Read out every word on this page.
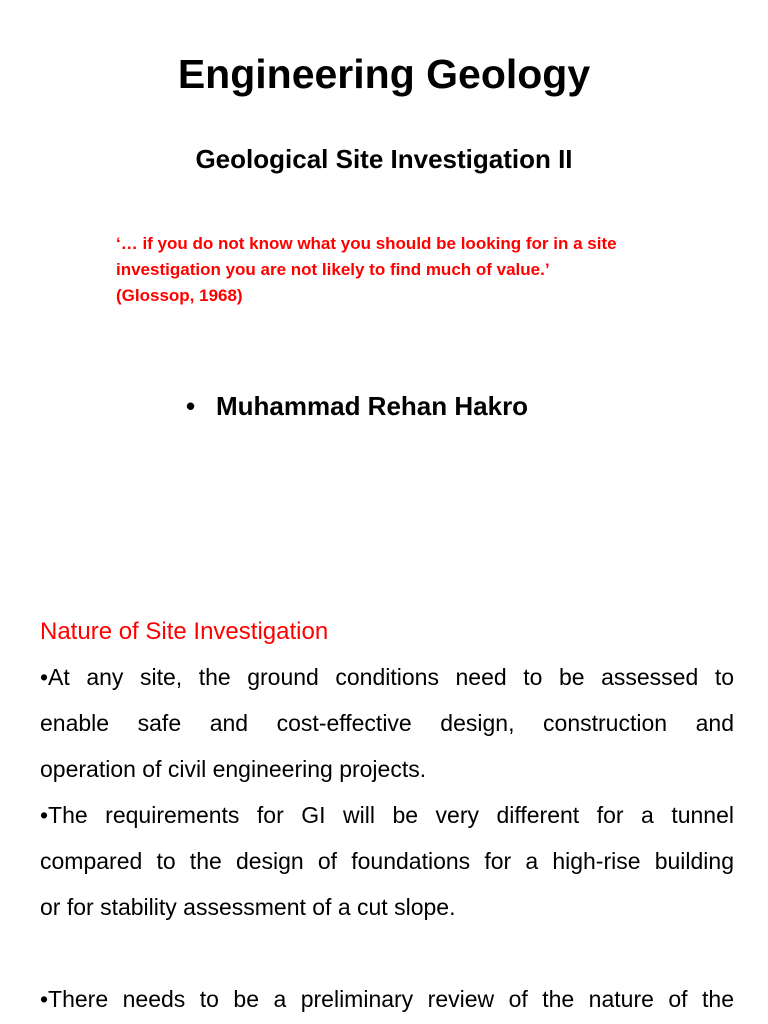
Engineering Geology
Geological Site Investigation II
‘… if you do not know what you should be looking for in a site
investigation you are not likely to find much of value.’
(Glossop, 1968)
• Muhammad Rehan Hakro
Nature of Site Investigation
•At any site, the ground conditions need to be assessed to
enable safe and cost-effective design, construction and
operation of civil engineering projects.
•The requirements for GI will be very different for a tunnel
compared to the design of foundations for a high-rise building
or for stability assessment of a cut slope.
•There needs to be a preliminary review of the nature of the
